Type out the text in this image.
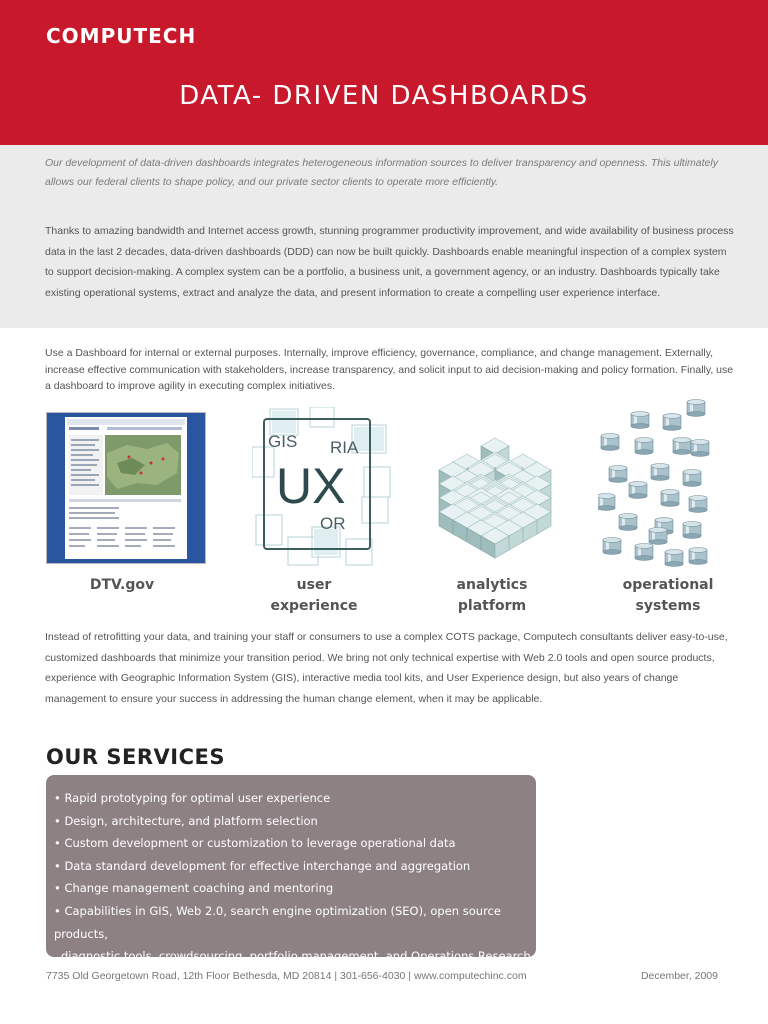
COMPUTECH
DATA- DRIVEN DASHBOARDS
Our development of data-driven dashboards integrates heterogeneous information sources to deliver transparency and openness. This ultimately allows our federal clients to shape policy, and our private sector clients to operate more efficiently.
Thanks to amazing bandwidth and Internet access growth, stunning programmer productivity improvement, and wide availability of business process data in the last 2 decades, data-driven dashboards (DDD) can now be built quickly. Dashboards enable meaningful inspection of a complex system to support decision-making. A complex system can be a portfolio, a business unit, a government agency, or an industry. Dashboards typically take existing operational systems, extract and analyze the data, and present information to create a compelling user experience interface.
Use a Dashboard for internal or external purposes. Internally, improve efficiency, governance, compliance, and change management. Externally, increase effective communication with stakeholders, increase transparency, and solicit input to aid decision-making and policy formation. Finally, use a dashboard to improve agility in executing complex initiatives.
GIS RIA
UX
OR
DTV.gov	user
experience
analytics
platform
operational
systems
Instead of retrofitting your data, and training your staff or consumers to use a complex COTS package, Computech consultants deliver easy-to-use, customized dashboards that minimize your transition period. We bring not only technical expertise with Web 2.0 tools and open source products, experience with Geographic Information System (GIS), interactive media tool kits, and User Experience design, but also years of change management to ensure your success in addressing the human change element, when it may be applicable.
OUR SERVICES
• Rapid prototyping for optimal user experience
• Design, architecture, and platform selection
• Custom development or customization to leverage operational data
• Data standard development for effective interchange and aggregation
• Change management coaching and mentoring
• Capabilities in GIS, Web 2.0, search engine optimization (SEO), open source products,
diagnostic tools, crowdsourcing, portfolio management, and Operations Research
7735 Old Georgetown Road, 12th Floor Bethesda, MD 20814 | 301-656-4030 | www.computechinc.com	December, 2009
